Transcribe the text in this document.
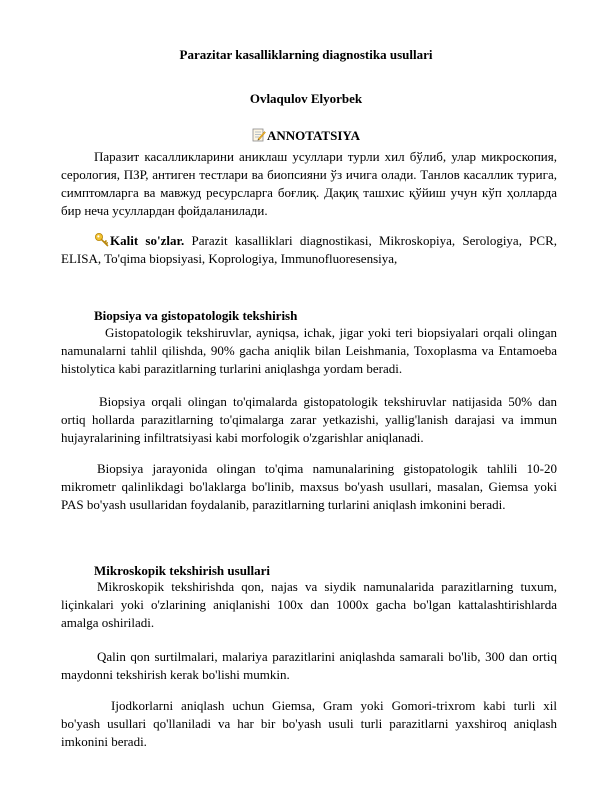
Parazitar kasalliklarning diagnostika usullari
Ovlaqulov Elyorbek
ANNOTATSIYA

Паразит касалликларини аниклаш усуллари турли хил бўлиб, улар микроскопия, серология, ПЗР, антиген тестлари ва биопсияни ўз ичига олади. Танлов касаллик турига, симптомларга ва мавжуд ресурсларга боғлиқ. Дақиқ ташхис қўйиш учун кўп ҳолларда бир неча усуллардан фойдаланилади.

Kalit so'zlar. Parazit kasalliklari diagnostikasi, Mikroskopiya, Serologiya, PCR, ELISA, To'qima biopsiyasi, Koprologiya, Immunofluoresensiya,

Biopsiya va gistopatologik tekshirish

Gistopatologik tekshiruvlar, ayniqsa, ichak, jigar yoki teri biopsiyalari orqali olingan namunalarni tahlil qilishda, 90% gacha aniqlik bilan Leishmania, Toxoplasma va Entamoeba histolytica kabi parazitlarning turlarini aniqlashga yordam beradi.

Biopsiya orqali olingan to'qimalarda gistopatologik tekshiruvlar natijasida 50% dan ortiq hollarda parazitlarning to'qimalarga zarar yetkazishi, yallig'lanish darajasi va immun hujayralarining infiltratsiyasi kabi morfologik o'zgarishlar aniqlanadi.

Biopsiya jarayonida olingan to'qima namunalarining gistopatologik tahlili 10-20 mikrometr qalinlikdagi bo'laklarga bo'linib, maxsus bo'yash usullari, masalan, Giemsa yoki PAS bo'yash usullaridan foydalanib, parazitlarning turlarini aniqlash imkonini beradi.

Mikroskopik tekshirish usullari

Mikroskopik tekshirishda qon, najas va siydik namunalarida parazitlarning tuxum, liçinkalari yoki o'zlarining aniqlanishi 100x dan 1000x gacha bo'lgan kattalashtirishlarda amalga oshiriladi.

Qalin qon surtilmalari, malariya parazitlarini aniqlashda samarali bo'lib, 300 dan ortiq maydonni tekshirish kerak bo'lishi mumkin.

Ijodkorlarni aniqlash uchun Giemsa, Gram yoki Gomori-trixrom kabi turli xil bo'yash usullari qo'llaniladi va har bir bo'yash usuli turli parazitlarni yaxshiroq aniqlash imkonini beradi.
